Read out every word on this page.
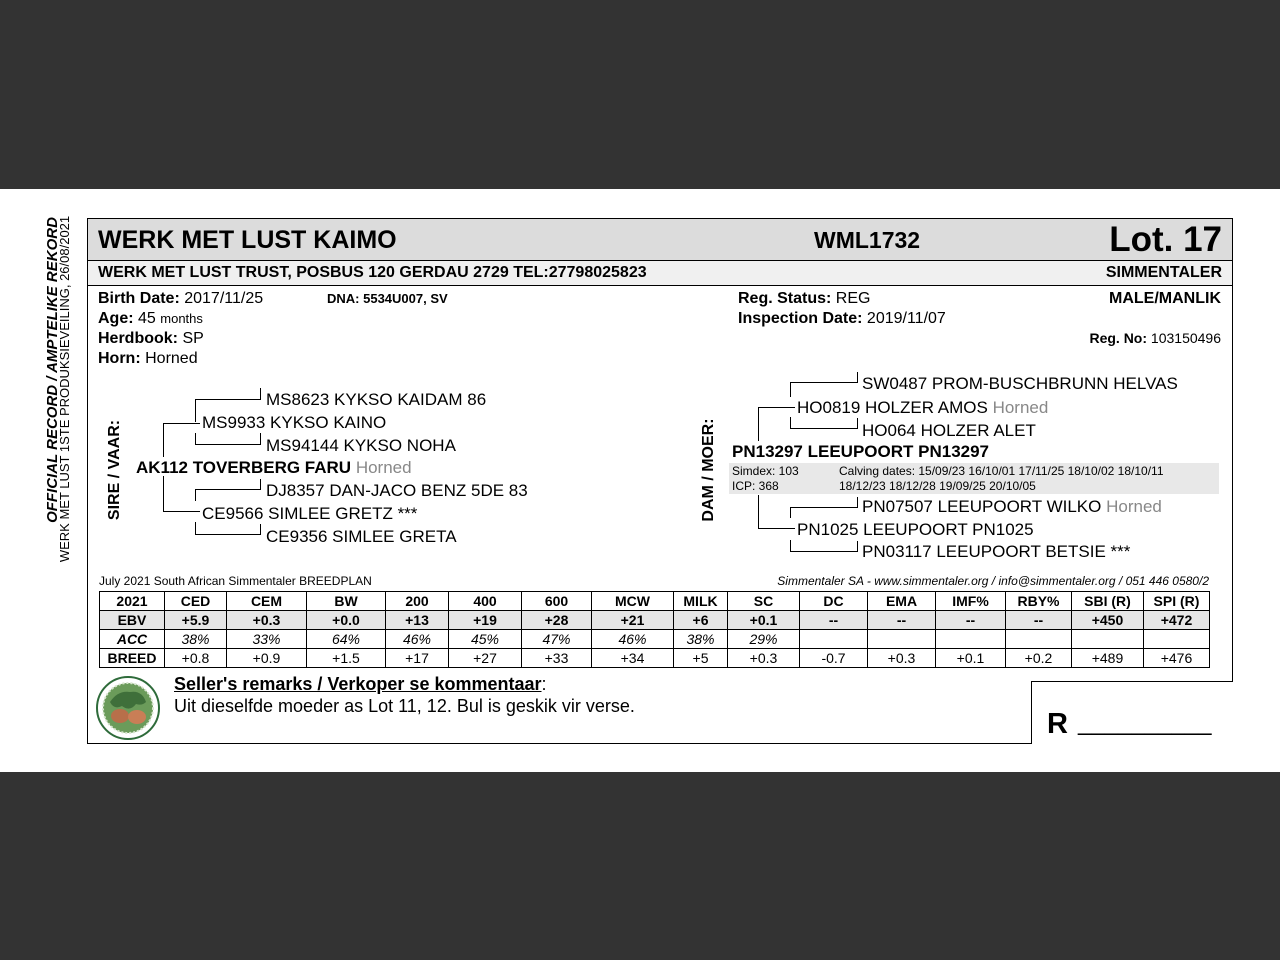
OFFICIAL RECORD / AMPTELIKE REKORD
WERK MET LUST 1STE PRODUKSIEVEILING, 26/08/2021 WERK MET LUST KAIMO	WML1732	Lot. 17
WERK MET LUST TRUST, POSBUS 120 GERDAU 2729 TEL:27798025823	SIMMENTALER
Birth Date: 2017/11/25	DNA: 5534U007, SV
Age: 45 months
Herdbook: SP
Horn: Horned
Reg. Status: REG
Inspection Date: 2019/11/07
MALE/MANLIK
Reg. No: 103150496
SIRE / VAAR:
MS8623 KYKSO KAIDAM 86
MS9933 KYKSO KAINO
MS94144 KYKSO NOHA
AK112 TOVERBERG FARU Horned
DJ8357 DAN-JACO BENZ 5DE 83
CE9566 SIMLEE GRETZ ***
CE9356 SIMLEE GRETA
DAM / MOER:
SW0487 PROM-BUSCHBRUNN HELVAS
HO0819 HOLZER AMOS Horned
HO064 HOLZER ALET
PN13297 LEEUPOORT PN13297
Simdex: 103
ICP: 368
Calving dates: 15/09/23 16/10/01 17/11/25 18/10/02 18/10/11
18/12/23 18/12/28 19/09/25 20/10/05
PN07507 LEEUPOORT WILKO Horned
PN1025 LEEUPOORT PN1025
PN03117 LEEUPOORT BETSIE ***
July 2021 South African Simmentaler BREEDPLAN	Simmentaler SA - www.simmentaler.org / info@simmentaler.org / 051 446 0580/2
2021	CED	CEM	BW	200	400	600	MCW	MILK	SC	DC	EMA	IMF%	RBY%	SBI (R)	SPI (R)
EBV	+5.9	+0.3	+0.0	+13	+19	+28	+21	+6	+0.1	--	--	--	--	+450	+472
ACC	38%	33%	64%	46%	45%	47%	46%	38%	29%						
BREED	+0.8	+0.9	+1.5	+17	+27	+33	+34	+5	+0.3	-0.7	+0.3	+0.1	+0.2	+489	+476
Seller's remarks / Verkoper se kommentaar:
Uit dieselfde moeder as Lot 11, 12. Bul is geskik vir verse.
R __________
